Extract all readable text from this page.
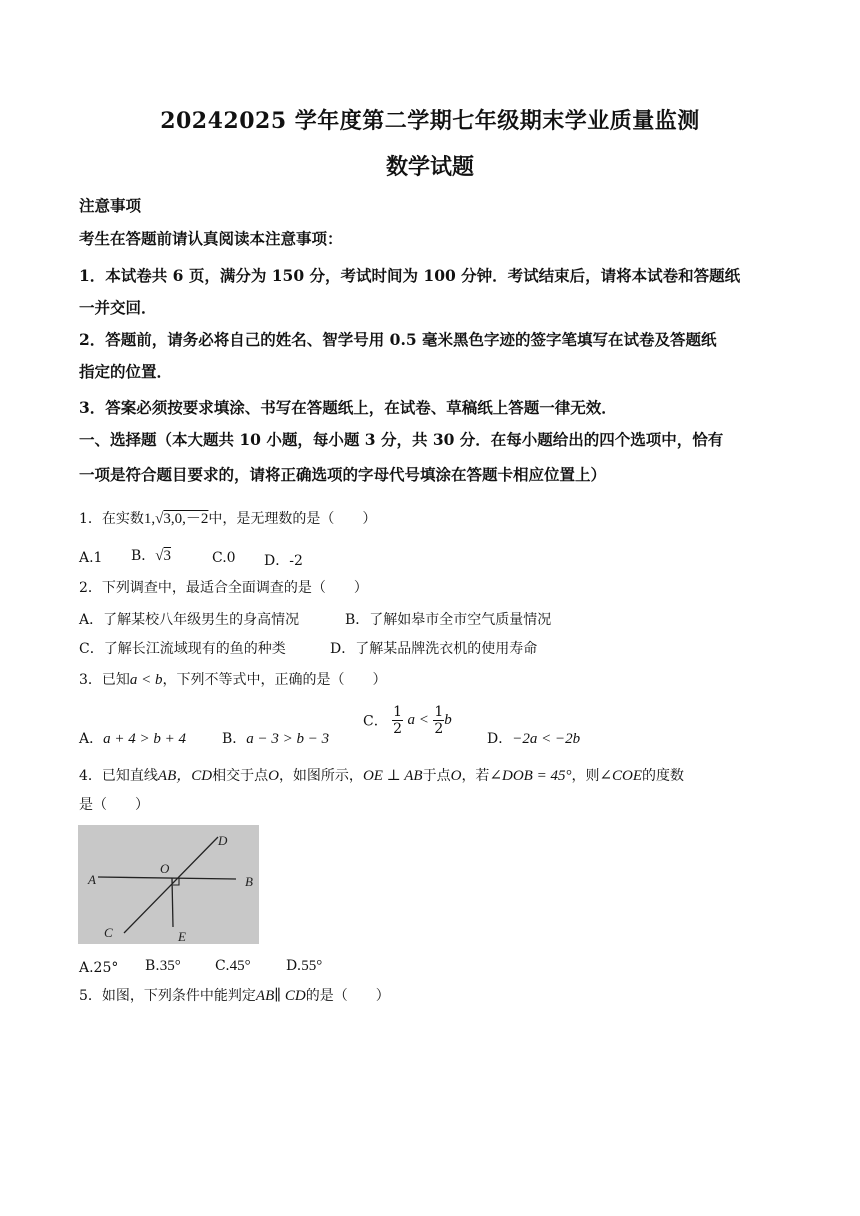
20242025 学年度第二学期七年级期末学业质量监测
数学试题
注意事项
考生在答题前请认真阅读本注意事项：
1．本试卷共 6 页，满分为 150 分，考试时间为 100 分钟．考试结束后，请将本试卷和答题纸
一并交回．
2．答题前，请务必将自己的姓名、智学号用 0.5 毫米黑色字迹的签字笔填写在试卷及答题纸
指定的位置．
3．答案必须按要求填涂、书写在答题纸上，在试卷、草稿纸上答题一律无效．
一、选择题（本大题共 10 小题，每小题 3 分，共 30 分．在每小题给出的四个选项中，恰有
一项是符合题目要求的，请将正确选项的字母代号填涂在答题卡相应位置上）
1．在实数1,√3,0,－2中，是无理数的是（　　）
A.1 B．√3	C.0 D．-2
2．下列调查中，最适合全面调查的是（　　）
A．了解某校八年级男生的身高情况	B．了解如皋市全市空气质量情况
C．了解长江流域现有的鱼的种类	D．了解某品牌洗衣机的使用寿命
3．已知a < b，下列不等式中，正确的是（　　）
A．a + 4 > b + 4	B．a − 3 > b − 3
C． $\frac{1}{2}$ $a < \frac{1}{2}$ b
D．−2a < −2b
4．已知直线AB，CD相交于点O，如图所示，OE ⊥ AB于点O，若∠DOB = 45°，则∠COE的度数
是（　　）
A	B
C
D
E
O
A.25° B.35° C.45°	D.55°
5．如图，下列条件中能判定AB∥ CD的是（　　）
